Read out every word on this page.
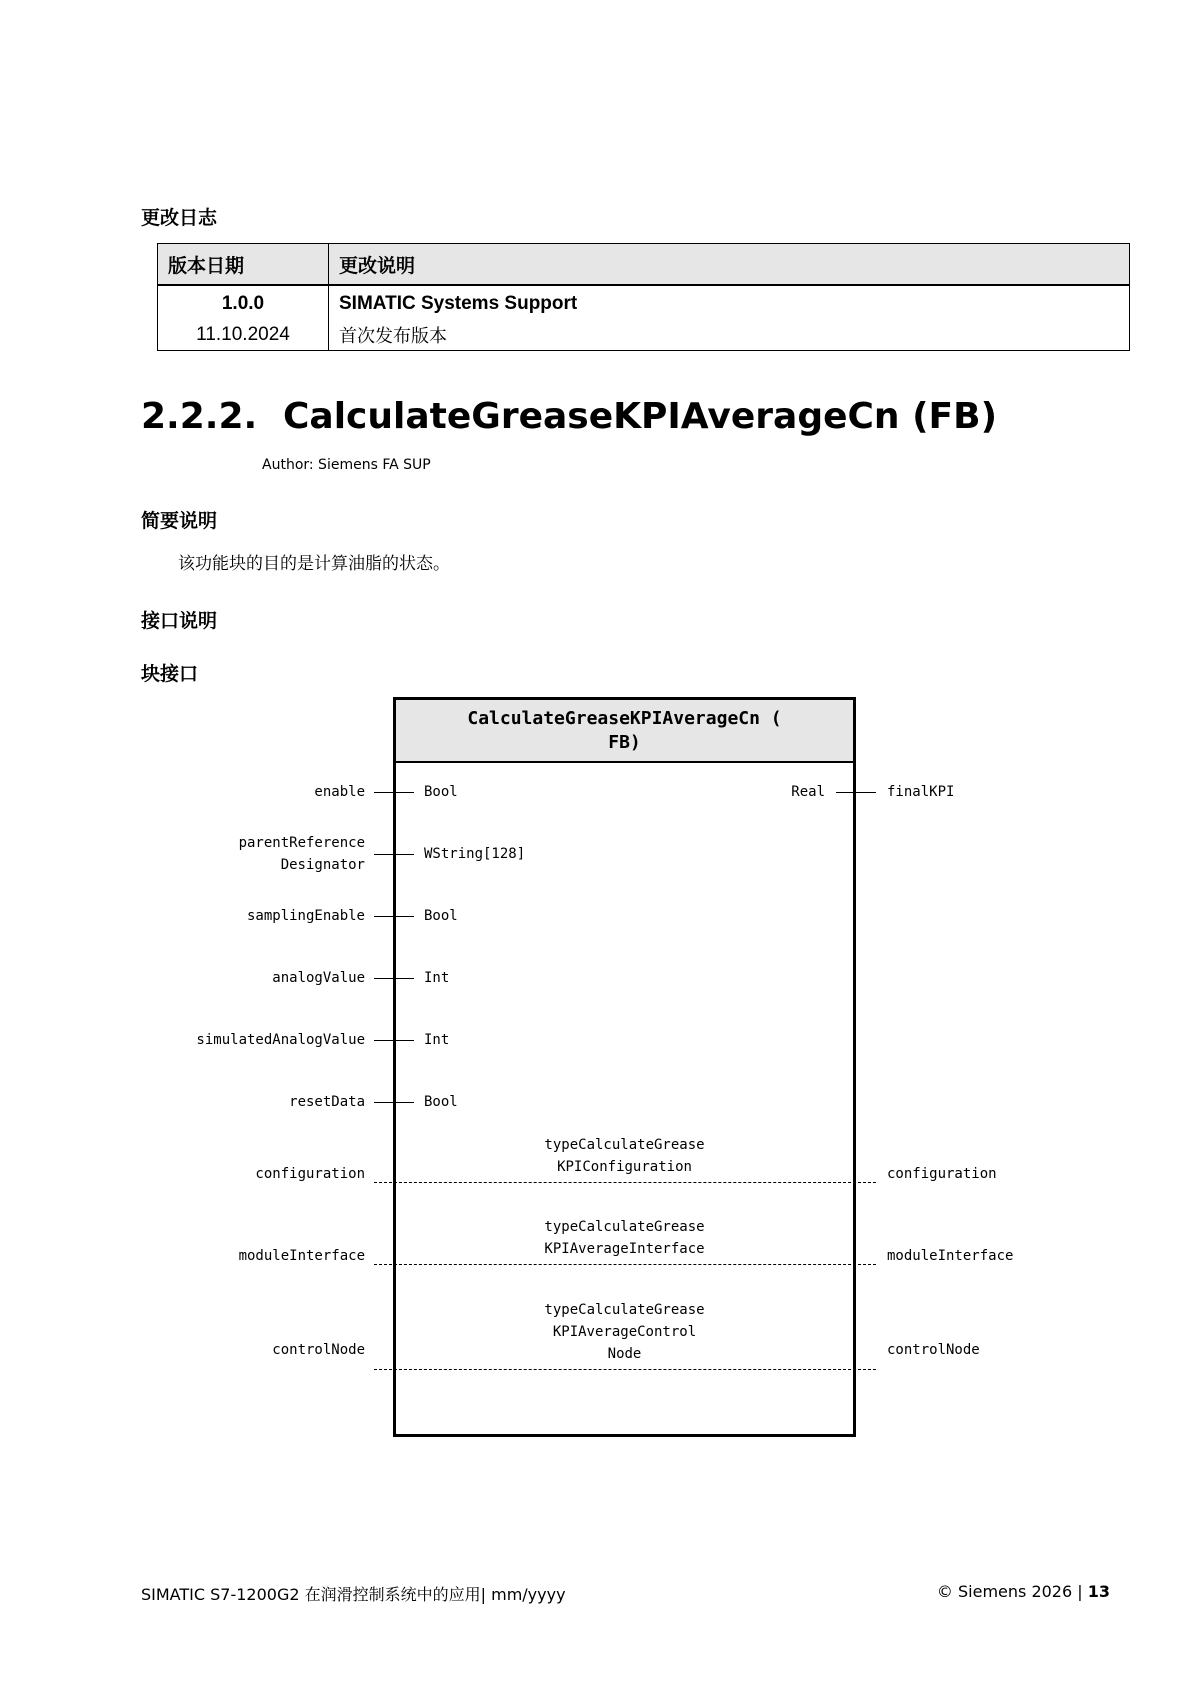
更改日志
版本日期	更改说明
1.0.0	SIMATIC Systems Support
11.10.2024	首次发布版本
2.2.2. CalculateGreaseKPIAverageCn (FB)
Author: Siemens FA SUP
简要说明
该功能块的目的是计算油脂的状态。
接口说明
块接口
CalculateGreaseKPIAverageCn (
FB)
enable	Bool	Real	finalKPI
parentReference
Designator
WString[128]
samplingEnable	Bool
analogValue	Int
simulatedAnalogValue	Int
resetData	Bool
configuration
typeCalculateGrease
KPIConfiguration	configuration
moduleInterface
typeCalculateGrease
KPIAverageInterface	moduleInterface
controlNode
typeCalculateGrease
KPIAverageControl
Node	controlNode
SIMATIC S7-1200G2 在润滑控制系统中的应用| mm/yyyy	© Siemens 2026 | 13
